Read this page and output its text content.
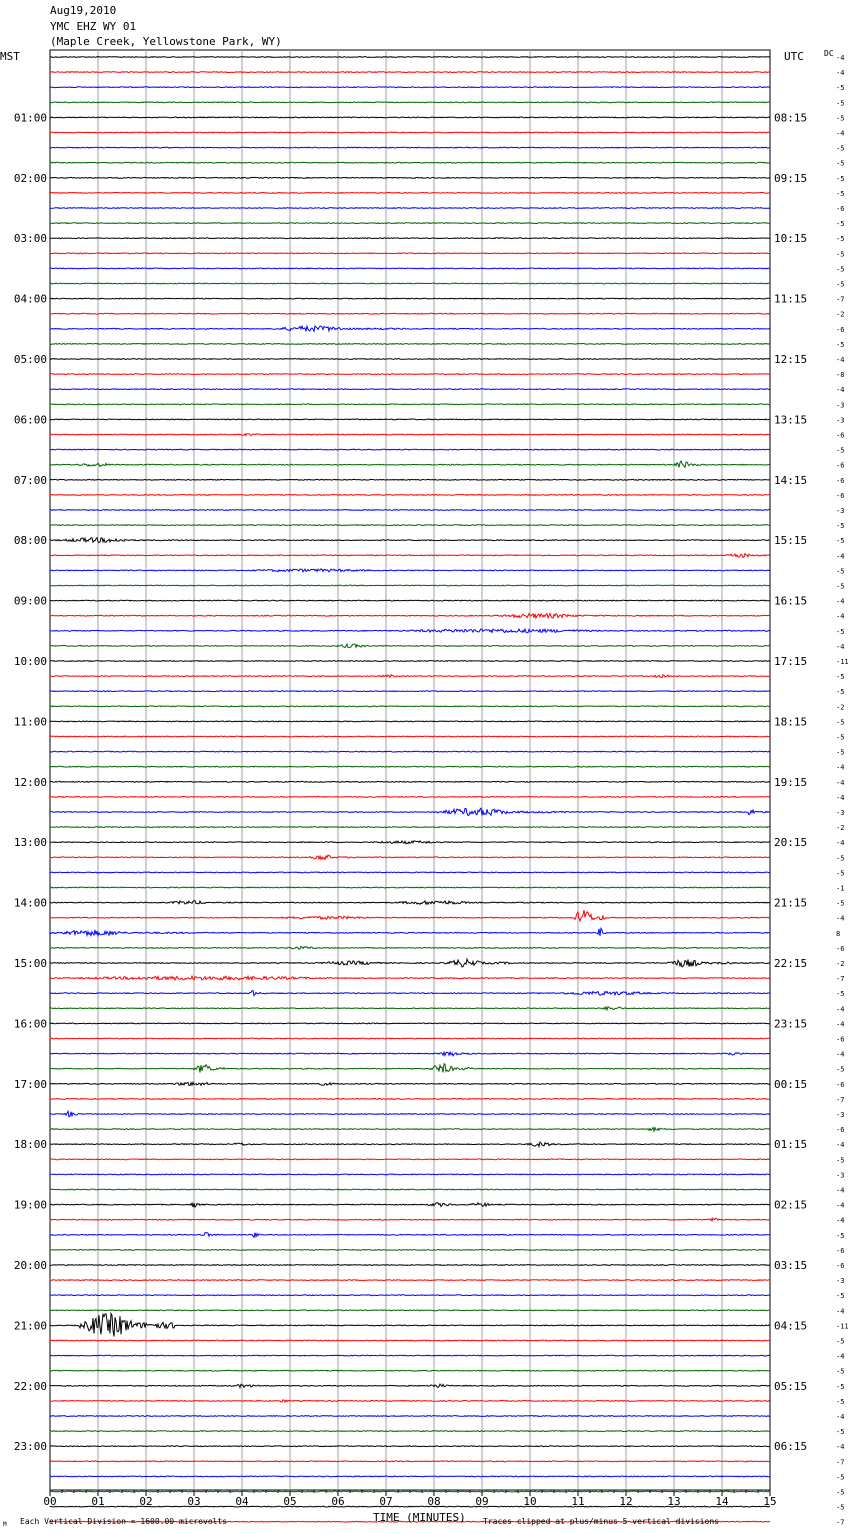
Aug19,2010
YMC EHZ WY 01
(Maple Creek, Yellowstone Park, WY)
MST	UTC	DC
00	01	02	03	04	05	06	07	08	09	10	11	12	13	14	15
-4
-4
-5
-5
-5
-4
-5
-5
-5
-5
-6
-5
-5
-5
-5
-5
-7
-2
-6
-5
-4
-8
-4
-3
-3
-6
-5
-6
-6
-6
-3
-5
-5
-4
-5
-5
-4
-4
-5
-4
-11
-5
-5
-2
-5
-5
-5
-4
-4
-4
-3
-2
-4
-5
-5
-1
-5
-4
8
-6
-2
-7
-5
-4
-4
-6
-4
-5
-6
-7
-3
-6
-4
-5
-3
-4
-4
-4
-5
-6
-6
-3
-5
-4
-11
-5
-4
-5
-5
-5
-4
-5
-4
-7
-5
-5
-5
-7
01:00	08:15
02:00	09:15
03:00	10:15
04:00	11:15
05:00	12:15
06:00	13:15
07:00	14:15
08:00	15:15
09:00	16:15
10:00	17:15
11:00	18:15
12:00	19:15
13:00	20:15
14:00	21:15
15:00	22:15
16:00	23:15
17:00	00:15
18:00	01:15
19:00	02:15
20:00	03:15
21:00	04:15
22:00	05:15
23:00	06:15
TIME (MINUTES)
Each Vertical Division = 1600.00 microvolts	Traces clipped at plus/minus 5 vertical divisions
M
